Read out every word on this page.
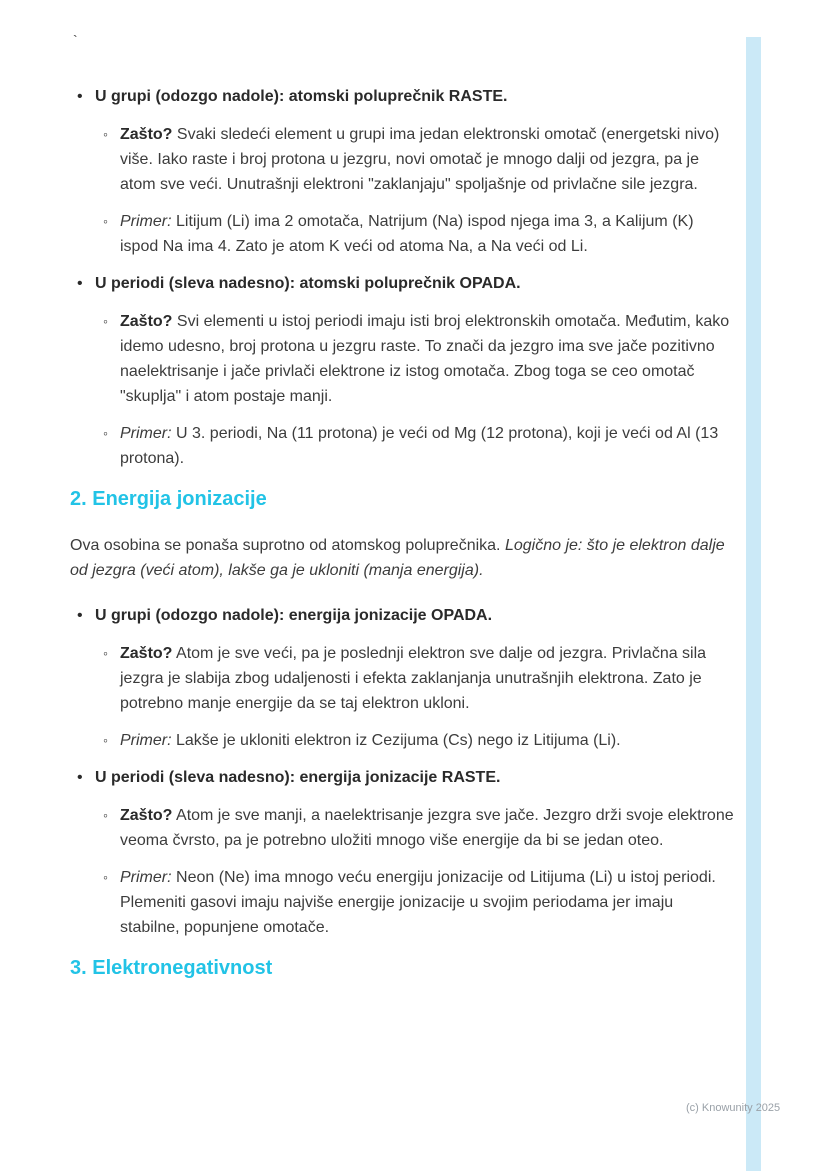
`
• U grupi (odozgo nadole): atomski poluprečnik RASTE.

◦ Zašto? Svaki sledeći element u grupi ima jedan elektronski omotač (energetski nivo) više. Iako raste i broj protona u jezgru, novi omotač je mnogo dalji od jezgra, pa je atom sve veći. Unutrašnji elektroni "zaklanjaju" spoljašnje od privlačne sile jezgra.

◦ Primer: Litijum (Li) ima 2 omotača, Natrijum (Na) ispod njega ima 3, a Kalijum (K) ispod Na ima 4. Zato je atom K veći od atoma Na, a Na veći od Li.

• U periodi (sleva nadesno): atomski poluprečnik OPADA.

◦ Zašto? Svi elementi u istoj periodi imaju isti broj elektronskih omotača. Međutim, kako idemo udesno, broj protona u jezgru raste. To znači da jezgro ima sve jače pozitivno naelektrisanje i jače privlači elektrone iz istog omotača. Zbog toga se ceo omotač "skuplja" i atom postaje manji.

◦ Primer: U 3. periodi, Na (11 protona) je veći od Mg (12 protona), koji je veći od Al (13 protona).

2. Energija jonizacije

Ova osobina se ponaša suprotno od atomskog poluprečnika. Logično je: što je elektron dalje od jezgra (veći atom), lakše ga je ukloniti (manja energija).

• U grupi (odozgo nadole): energija jonizacije OPADA.

◦ Zašto? Atom je sve veći, pa je poslednji elektron sve dalje od jezgra. Privlačna sila jezgra je slabija zbog udaljenosti i efekta zaklanjanja unutrašnjih elektrona. Zato je potrebno manje energije da se taj elektron ukloni.

◦ Primer: Lakše je ukloniti elektron iz Cezijuma (Cs) nego iz Litijuma (Li).

• U periodi (sleva nadesno): energija jonizacije RASTE.

◦ Zašto? Atom je sve manji, a naelektrisanje jezgra sve jače. Jezgro drži svoje elektrone veoma čvrsto, pa je potrebno uložiti mnogo više energije da bi se jedan oteo.

◦ Primer: Neon (Ne) ima mnogo veću energiju jonizacije od Litijuma (Li) u istoj periodi. Plemeniti gasovi imaju najviše energije jonizacije u svojim periodama jer imaju stabilne, popunjene omotače.

3. Elektronegativnost
(c) Knowunity 2025
